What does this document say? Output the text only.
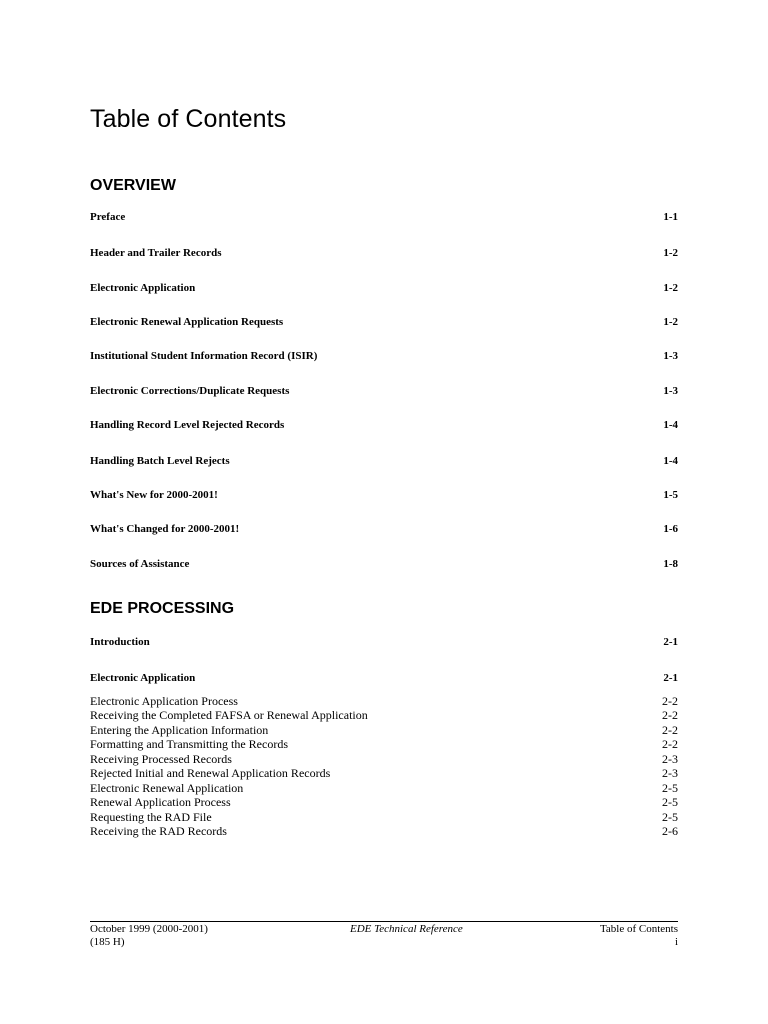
Table of Contents
OVERVIEW
Preface	1-1
Header and Trailer Records	1-2
Electronic Application	1-2
Electronic Renewal Application Requests	1-2
Institutional Student Information Record (ISIR)	1-3
Electronic Corrections/Duplicate Requests	1-3
Handling Record Level Rejected Records	1-4
Handling Batch Level Rejects	1-4
What's New for 2000-2001!	1-5
What's Changed for 2000-2001!	1-6
Sources of Assistance	1-8
EDE PROCESSING
Introduction	2-1
Electronic Application	2-1
Electronic Application Process	2-2
Receiving the Completed FAFSA or Renewal Application	2-2
Entering the Application Information	2-2
Formatting and Transmitting the Records	2-2
Receiving Processed Records	2-3
Rejected Initial and Renewal Application Records	2-3
Electronic Renewal Application	2-5
Renewal Application Process	2-5
Requesting the RAD File	2-5
Receiving the RAD Records	2-6
October 1999 (2000-2001)	EDE Technical Reference	Table of Contents
(185 H)	i
